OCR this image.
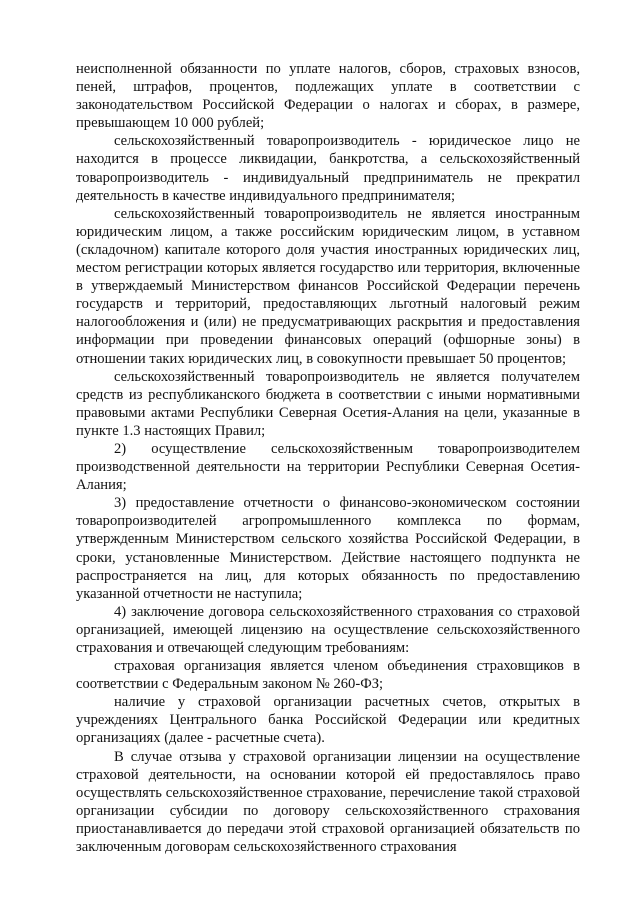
неисполненной обязанности по уплате налогов, сборов, страховых взносов, пеней, штрафов, процентов, подлежащих уплате в соответствии с законодательством Российской Федерации о налогах и сборах, в размере, превышающем 10 000 рублей;

сельскохозяйственный товаропроизводитель - юридическое лицо не находится в процессе ликвидации, банкротства, а сельскохозяйственный товаропроизводитель - индивидуальный предприниматель не прекратил деятельность в качестве индивидуального предпринимателя;

сельскохозяйственный товаропроизводитель не является иностранным юридическим лицом, а также российским юридическим лицом, в уставном (складочном) капитале которого доля участия иностранных юридических лиц, местом регистрации которых является государство или территория, включенные в утверждаемый Министерством финансов Российской Федерации перечень государств и территорий, предоставляющих льготный налоговый режим налогообложения и (или) не предусматривающих раскрытия и предоставления информации при проведении финансовых операций (офшорные зоны) в отношении таких юридических лиц, в совокупности превышает 50 процентов;

сельскохозяйственный товаропроизводитель не является получателем средств из республиканского бюджета в соответствии с иными нормативными правовыми актами Республики Северная Осетия-Алания на цели, указанные в пункте 1.3 настоящих Правил;

2) осуществление сельскохозяйственным товаропроизводителем производственной деятельности на территории Республики Северная Осетия-Алания;

3) предоставление отчетности о финансово-экономическом состоянии товаропроизводителей агропромышленного комплекса по формам, утвержденным Министерством сельского хозяйства Российской Федерации, в сроки, установленные Министерством. Действие настоящего подпункта не распространяется на лиц, для которых обязанность по предоставлению указанной отчетности не наступила;

4) заключение договора сельскохозяйственного страхования со страховой организацией, имеющей лицензию на осуществление сельскохозяйственного страхования и отвечающей следующим требованиям:

страховая организация является членом объединения страховщиков в соответствии с Федеральным законом № 260-ФЗ;

наличие у страховой организации расчетных счетов, открытых в учреждениях Центрального банка Российской Федерации или кредитных организациях (далее - расчетные счета).

В случае отзыва у страховой организации лицензии на осуществление страховой деятельности, на основании которой ей предоставлялось право осуществлять сельскохозяйственное страхование, перечисление такой страховой организации субсидии по договору сельскохозяйственного страхования приостанавливается до передачи этой страховой организацией обязательств по заключенным договорам сельскохозяйственного страхования
